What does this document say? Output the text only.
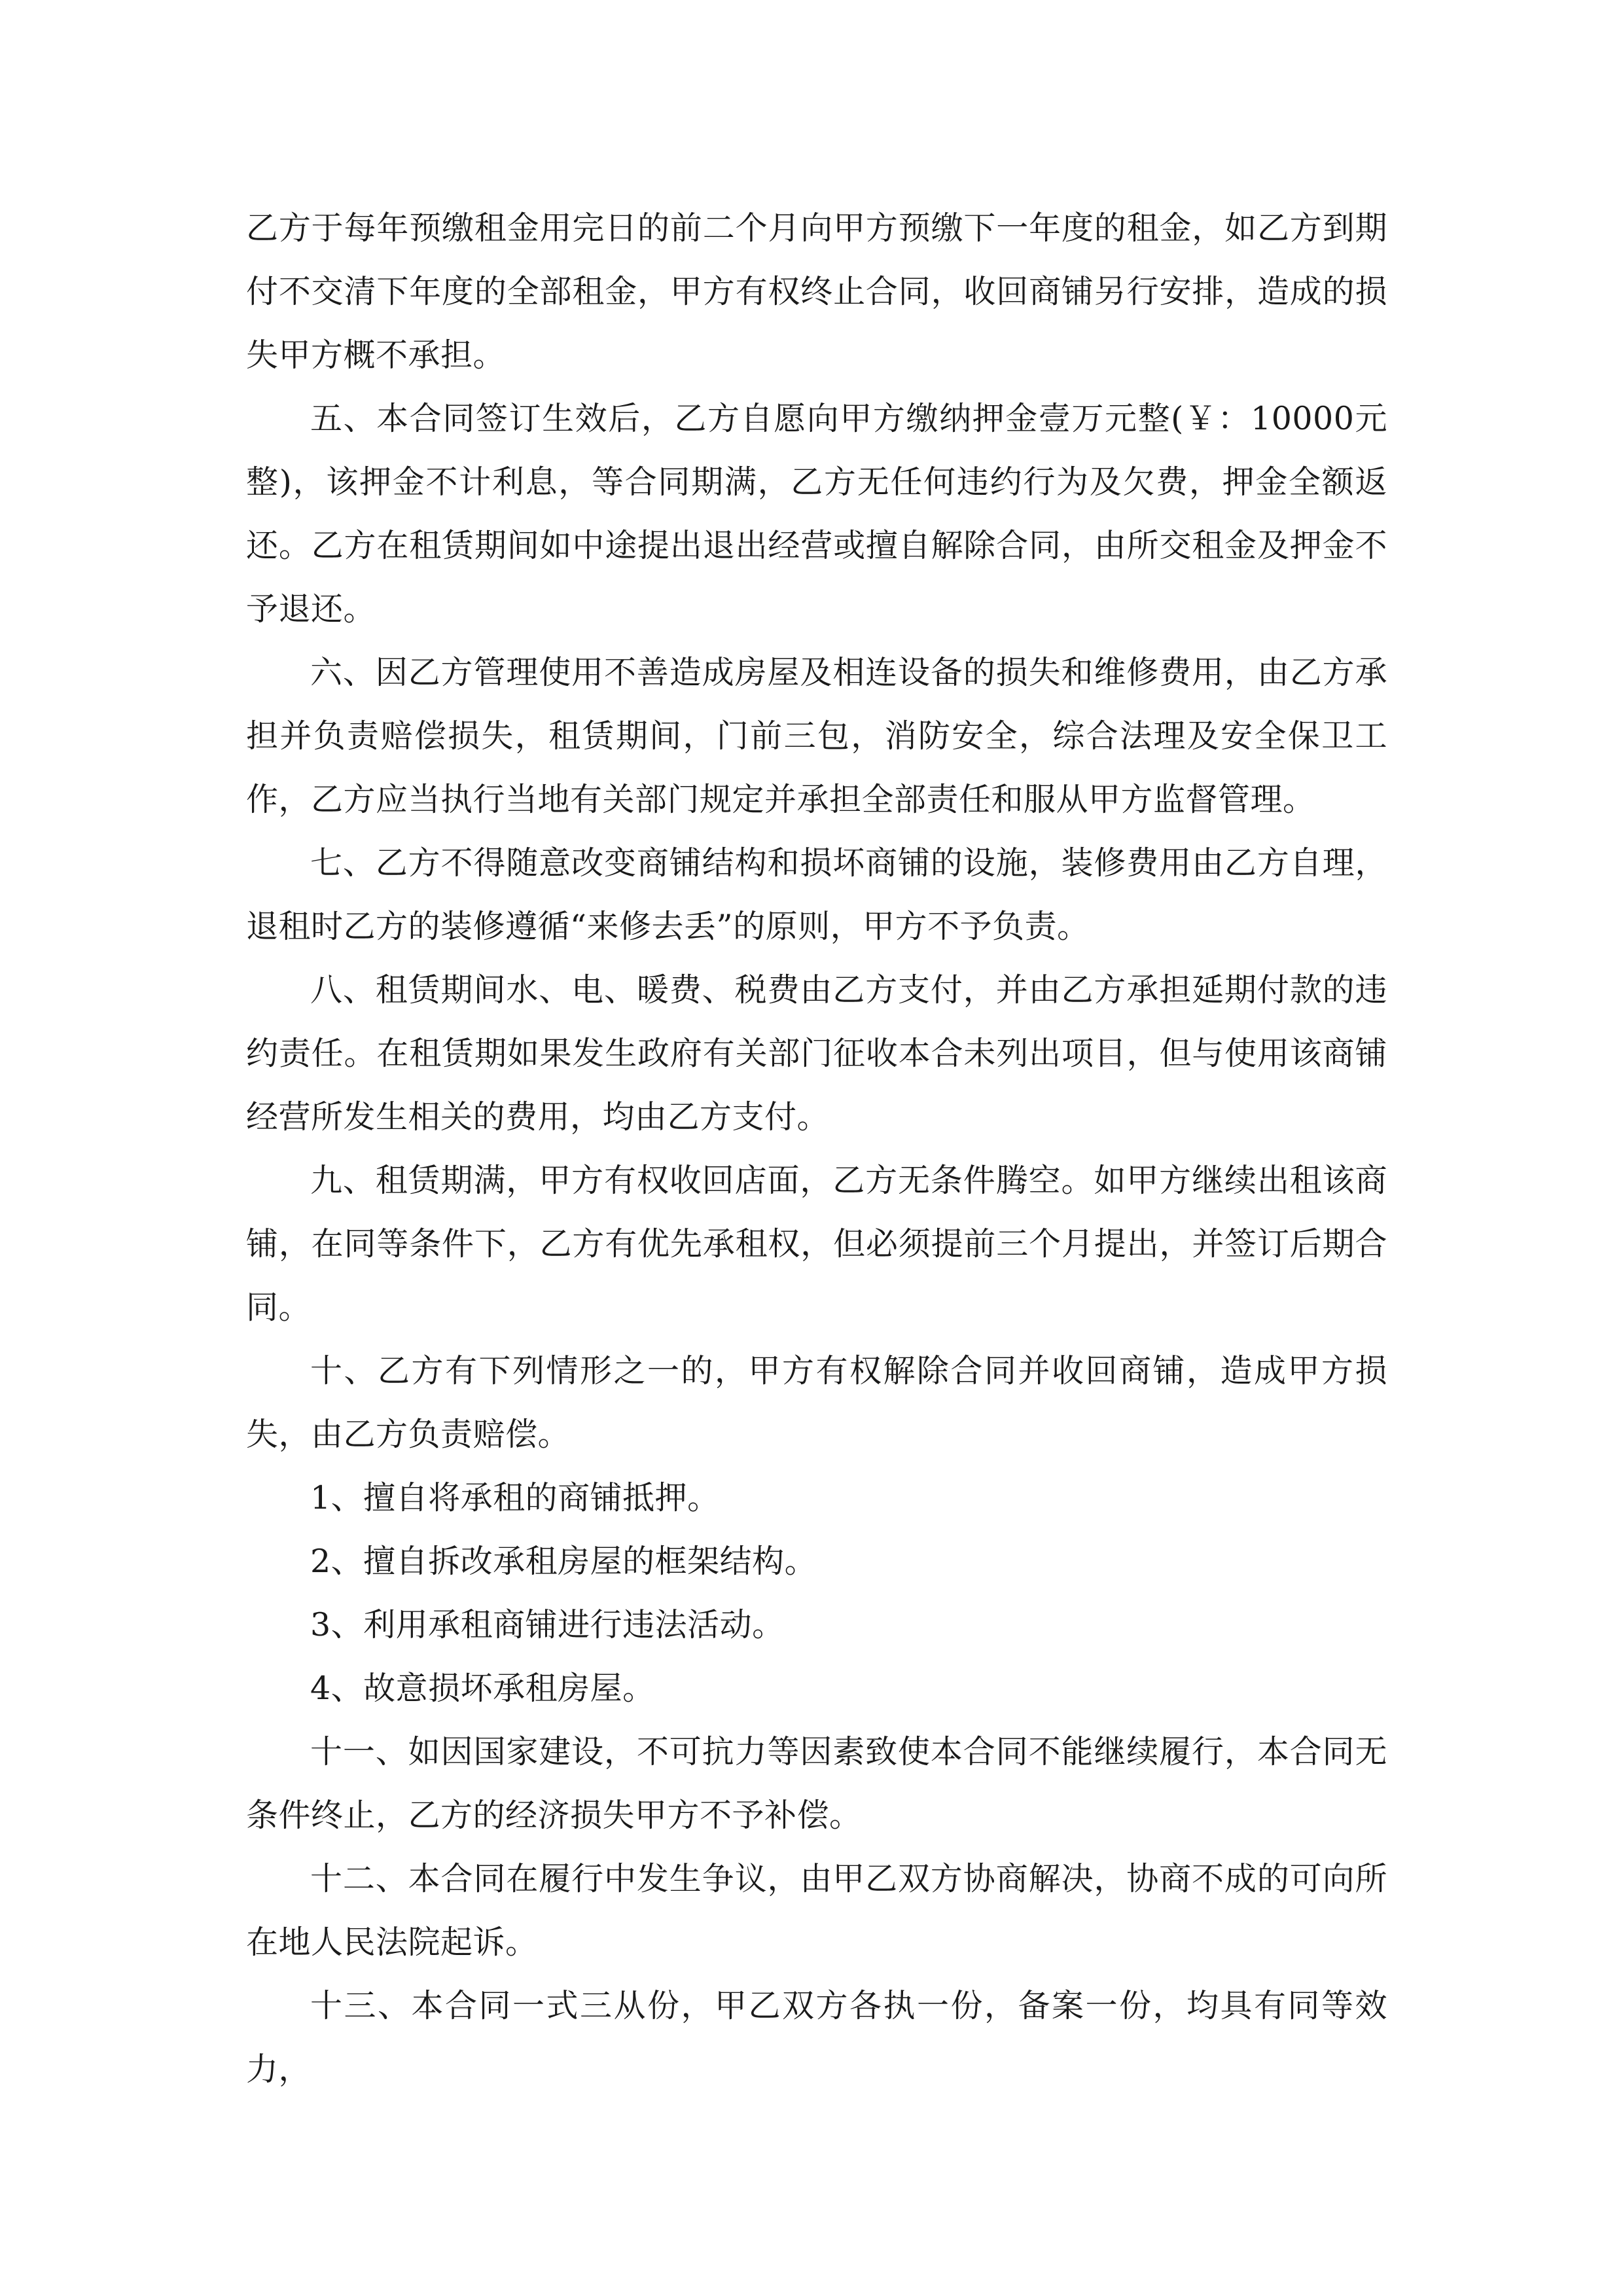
乙方于每年预缴租金用完日的前二个月向甲方预缴下一年度的租金，如乙方到期付不交清下年度的全部租金，甲方有权终止合同，收回商铺另行安排，造成的损失甲方概不承担。

五、本合同签订生效后，乙方自愿向甲方缴纳押金壹万元整(￥：10000元整)，该押金不计利息，等合同期满，乙方无任何违约行为及欠费，押金全额返还。乙方在租赁期间如中途提出退出经营或擅自解除合同，由所交租金及押金不予退还。

六、因乙方管理使用不善造成房屋及相连设备的损失和维修费用，由乙方承担并负责赔偿损失，租赁期间，门前三包，消防安全，综合法理及安全保卫工作，乙方应当执行当地有关部门规定并承担全部责任和服从甲方监督管理。

七、乙方不得随意改变商铺结构和损坏商铺的设施，装修费用由乙方自理，退租时乙方的装修遵循“来修去丢”的原则，甲方不予负责。

八、租赁期间水、电、暖费、税费由乙方支付，并由乙方承担延期付款的违约责任。在租赁期如果发生政府有关部门征收本合未列出项目，但与使用该商铺经营所发生相关的费用，均由乙方支付。

九、租赁期满，甲方有权收回店面，乙方无条件腾空。如甲方继续出租该商铺，在同等条件下，乙方有优先承租权，但必须提前三个月提出，并签订后期合同。

十、乙方有下列情形之一的，甲方有权解除合同并收回商铺，造成甲方损失，由乙方负责赔偿。

1、擅自将承租的商铺抵押。

2、擅自拆改承租房屋的框架结构。

3、利用承租商铺进行违法活动。

4、故意损坏承租房屋。

十一、如因国家建设，不可抗力等因素致使本合同不能继续履行，本合同无条件终止，乙方的经济损失甲方不予补偿。

十二、本合同在履行中发生争议，由甲乙双方协商解决，协商不成的可向所在地人民法院起诉。

十三、本合同一式三从份，甲乙双方各执一份，备案一份，均具有同等效力，
